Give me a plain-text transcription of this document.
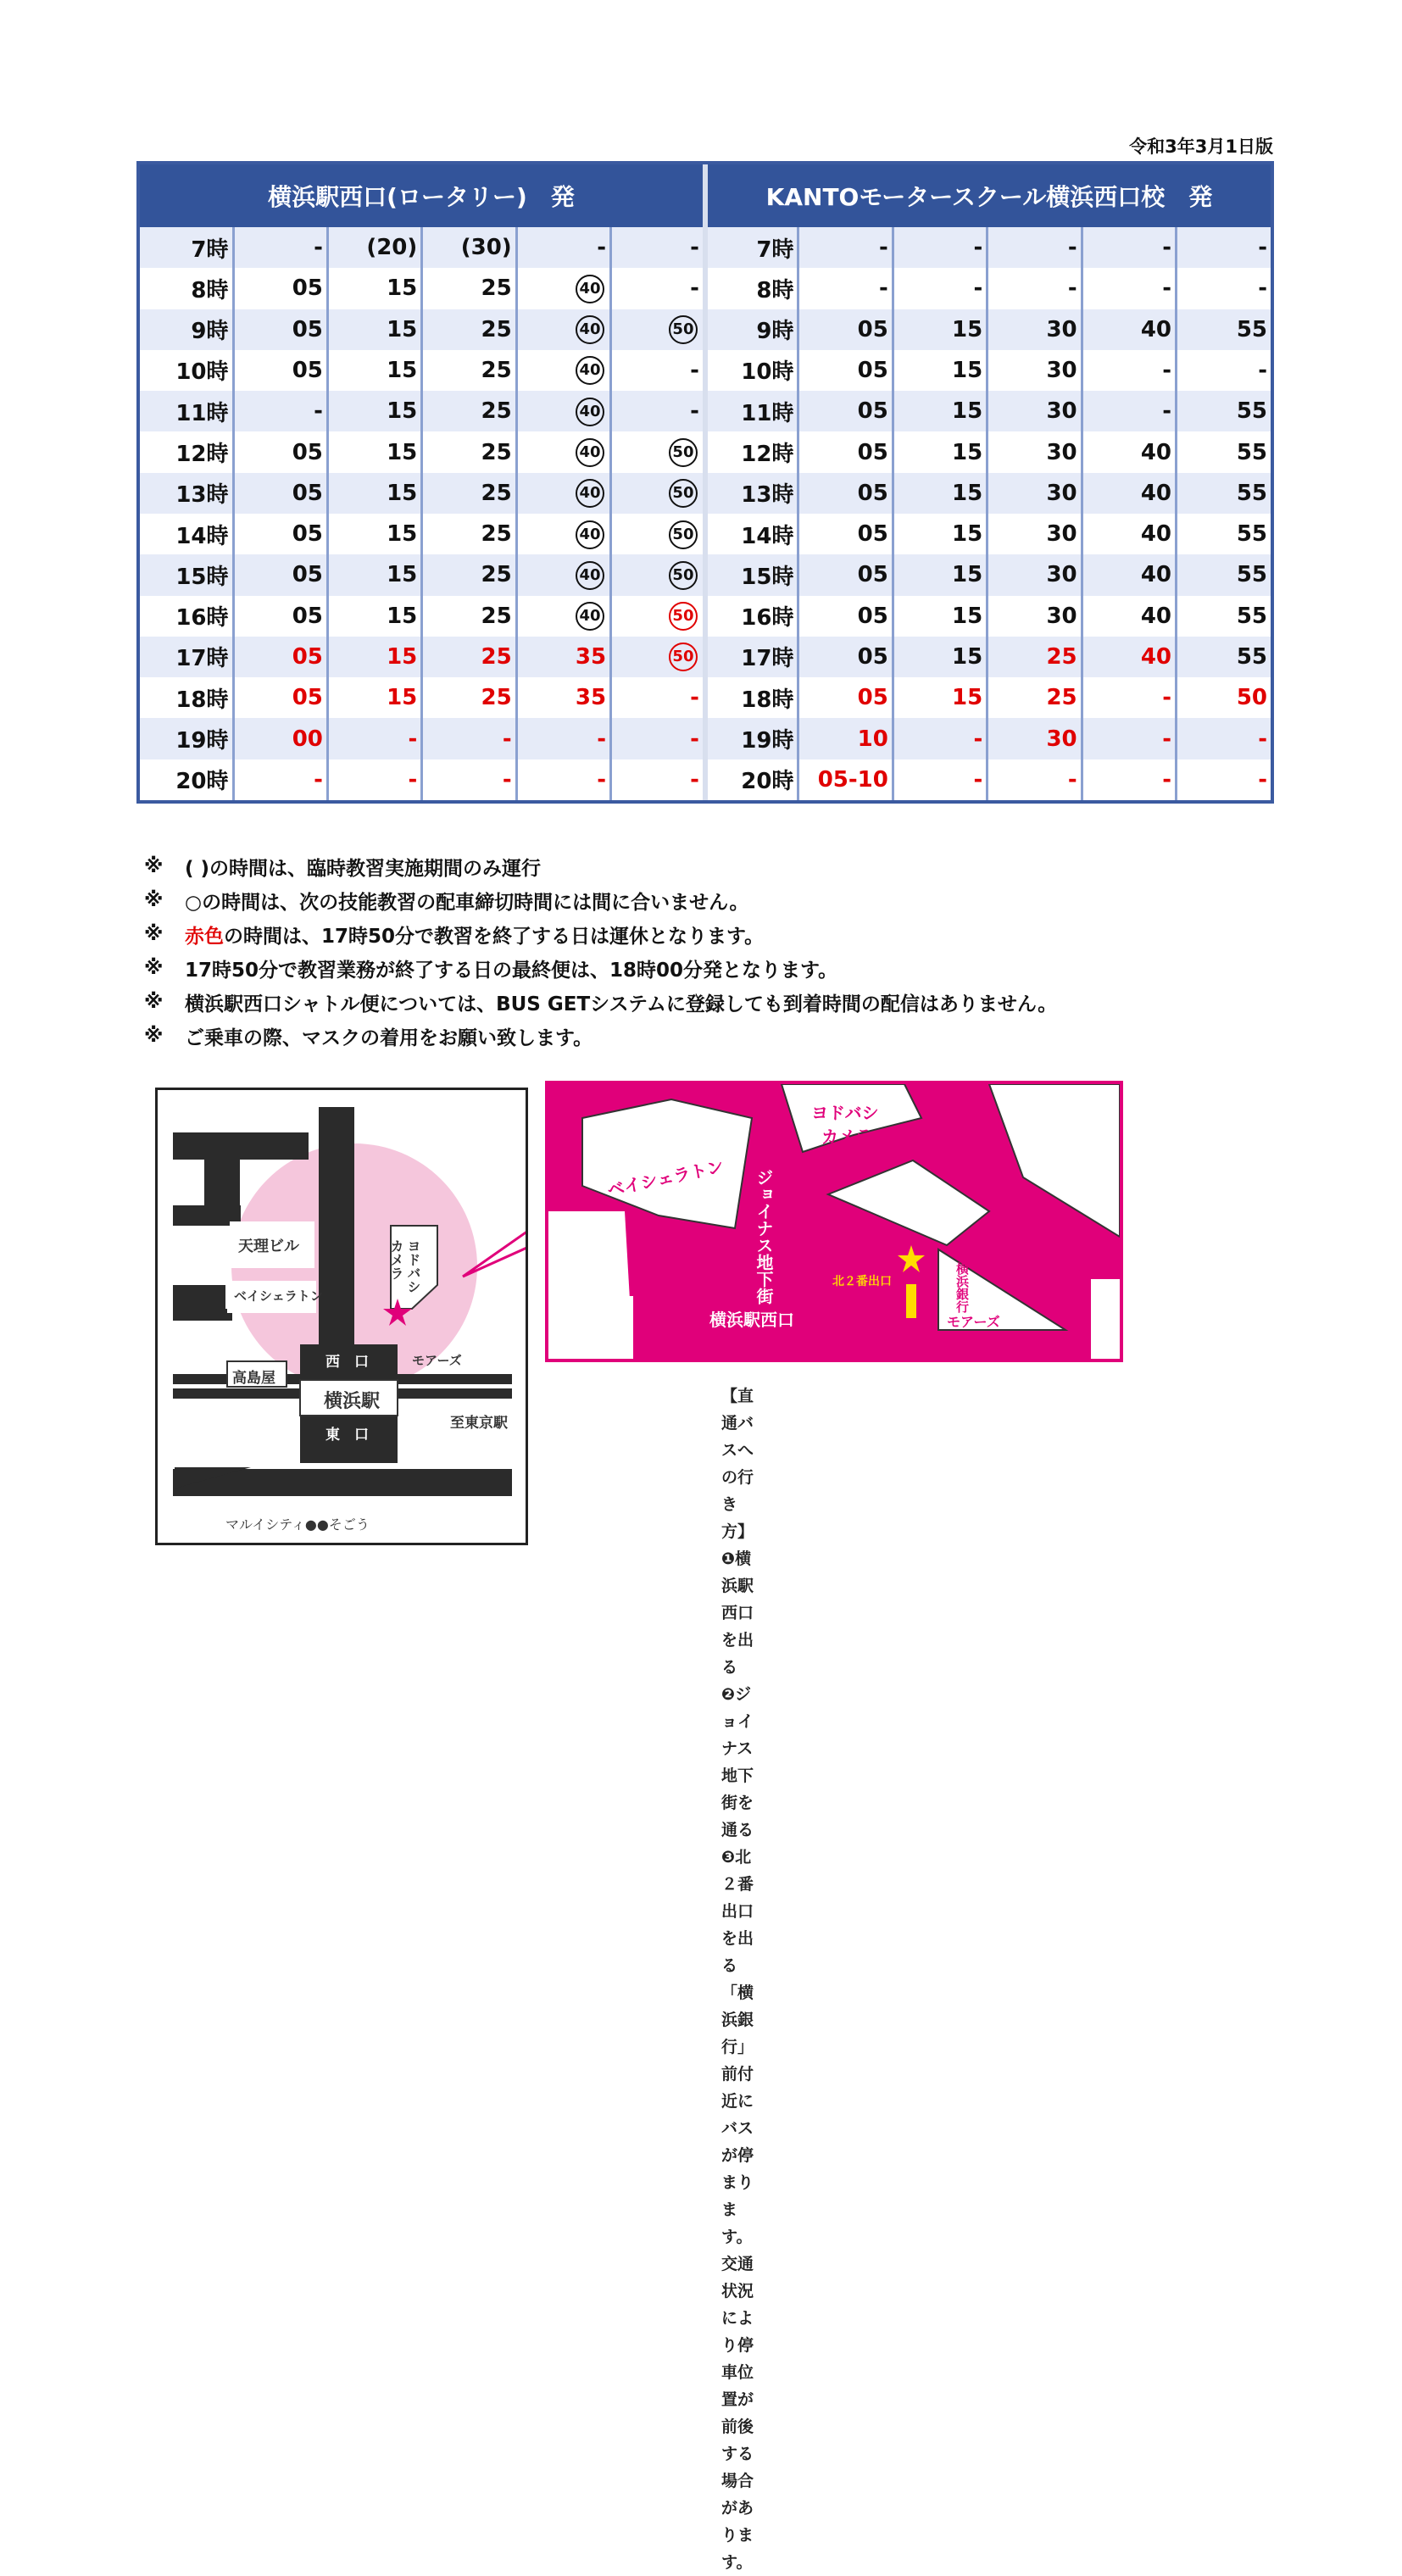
令和3年3月1日版
横浜駅西口(ロータリー)　発						KANTOモータースクール横浜西口校　発					
7時	-	(20)	(30)	-	-	7時	-	-	-	-	-
8時	05	15	25	40	-	8時	-	-	-	-	-
9時	05	15	25	40	50	9時	05	15	30	40	55
10時	05	15	25	40	-	10時	05	15	30	-	-
11時	-	15	25	40	-	11時	05	15	30	-	55
12時	05	15	25	40	50	12時	05	15	30	40	55
13時	05	15	25	40	50	13時	05	15	30	40	55
14時	05	15	25	40	50	14時	05	15	30	40	55
15時	05	15	25	40	50	15時	05	15	30	40	55
16時	05	15	25	40	50	16時	05	15	30	40	55
17時	05	15	25	35	50	17時	05	15	25	40	55
18時	05	15	25	35	-	18時	05	15	25	-	50
19時	00	-	-	-	-	19時	10	-	30	-	-
20時	-	-	-	-	-	20時	05-10	-	-	-	-
※	( )の時間は、臨時教習実施期間のみ運行
※	○の時間は、次の技能教習の配車締切時間には間に合いません。
※	赤色 の時間は、17時50分で教習を終了する日は運休となります。
※	17時50分で教習業務が終了する日の最終便は、18時00分発となります。
※	横浜駅西口シャトル便については、BUS GETシステムに登録しても到着時間の配信はありません。
※	ご乗車の際、マスクの着用をお願い致します。
天理ビル
ベイシェラトン
ヨドバシ
カメラ
西　口	モアーズ
高島屋
横浜駅
東　口
至東京駅
マルイシティ●●そごう
ベイシェラトン
ヨドバシ
カメラ
ジョイナス地下街	北２番出口
横浜駅西口
横浜銀行
モアーズ
【直通バスへの行き方】
❶横浜駅西口を出る
❷ジョイナス地下街を通る
❸北２番出口を出る
「横浜銀行」前付近にバスが停まります。
交通状況により停車位置が前後する場合があります。
